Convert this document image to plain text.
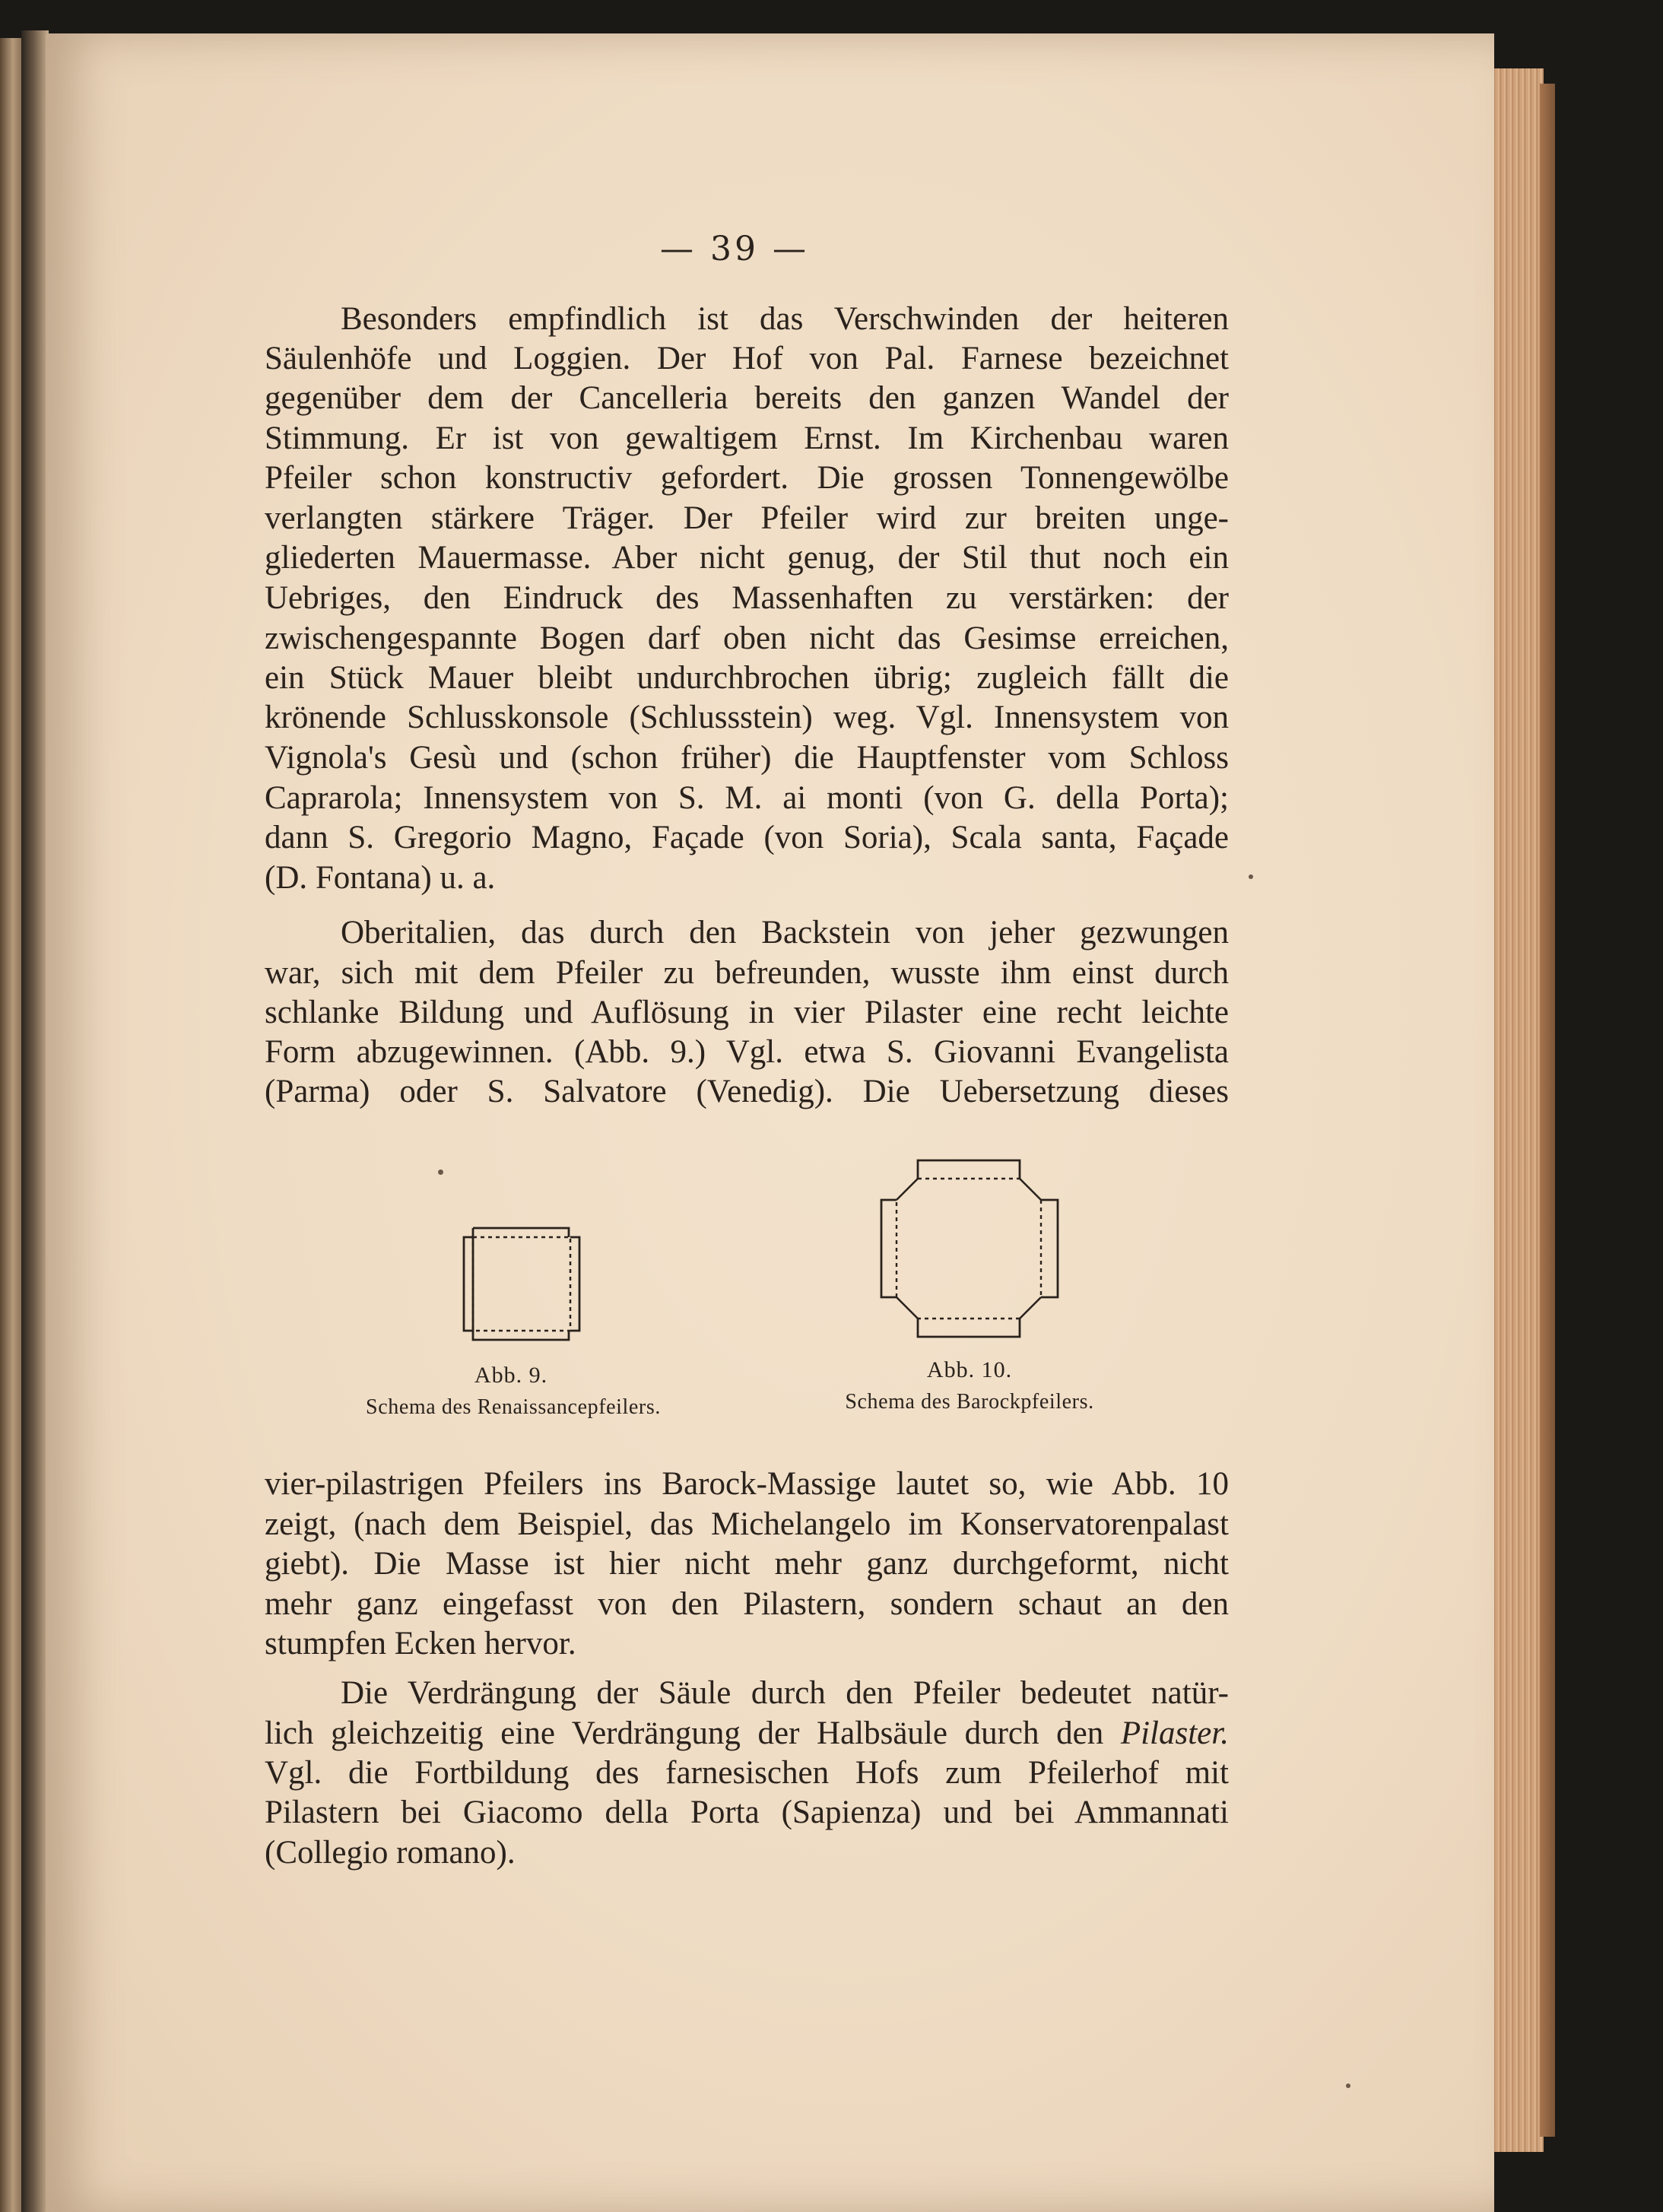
— 39 —
Besonders empfindlich ist das Verschwinden der heiteren
Säulenhöfe und Loggien. Der Hof von Pal. Farnese bezeichnet
gegenüber dem der Cancelleria bereits den ganzen Wandel der
Stimmung. Er ist von gewaltigem Ernst. Im Kirchenbau waren
Pfeiler schon konstructiv gefordert. Die grossen Tonnengewölbe
verlangten stärkere Träger. Der Pfeiler wird zur breiten unge-
gliederten Mauermasse. Aber nicht genug, der Stil thut noch ein
Uebriges, den Eindruck des Massenhaften zu verstärken: der
zwischengespannte Bogen darf oben nicht das Gesimse erreichen,
ein Stück Mauer bleibt undurchbrochen übrig; zugleich fällt die
krönende Schlusskonsole (Schlussstein) weg. Vgl. Innensystem von
Vignola's Gesù und (schon früher) die Hauptfenster vom Schloss
Caprarola; Innensystem von S. M. ai monti (von G. della Porta);
dann S. Gregorio Magno, Façade (von Soria), Scala santa, Façade
(D. Fontana) u. a.
Oberitalien, das durch den Backstein von jeher gezwungen
war, sich mit dem Pfeiler zu befreunden, wusste ihm einst durch
schlanke Bildung und Auflösung in vier Pilaster eine recht leichte
Form abzugewinnen. (Abb. 9.) Vgl. etwa S. Giovanni Evangelista
(Parma) oder S. Salvatore (Venedig). Die Uebersetzung dieses
Abb. 9.
Schema des Renaissancepfeilers.
Abb. 10.
Schema des Barockpfeilers.
vier-pilastrigen Pfeilers ins Barock-Massige lautet so, wie Abb. 10
zeigt, (nach dem Beispiel, das Michelangelo im Konservatorenpalast
giebt). Die Masse ist hier nicht mehr ganz durchgeformt, nicht
mehr ganz eingefasst von den Pilastern, sondern schaut an den
stumpfen Ecken hervor.
Die Verdrängung der Säule durch den Pfeiler bedeutet natür-
lich gleichzeitig eine Verdrängung der Halbsäule durch den Pilaster.
Vgl. die Fortbildung des farnesischen Hofs zum Pfeilerhof mit
Pilastern bei Giacomo della Porta (Sapienza) und bei Ammannati
(Collegio romano).
